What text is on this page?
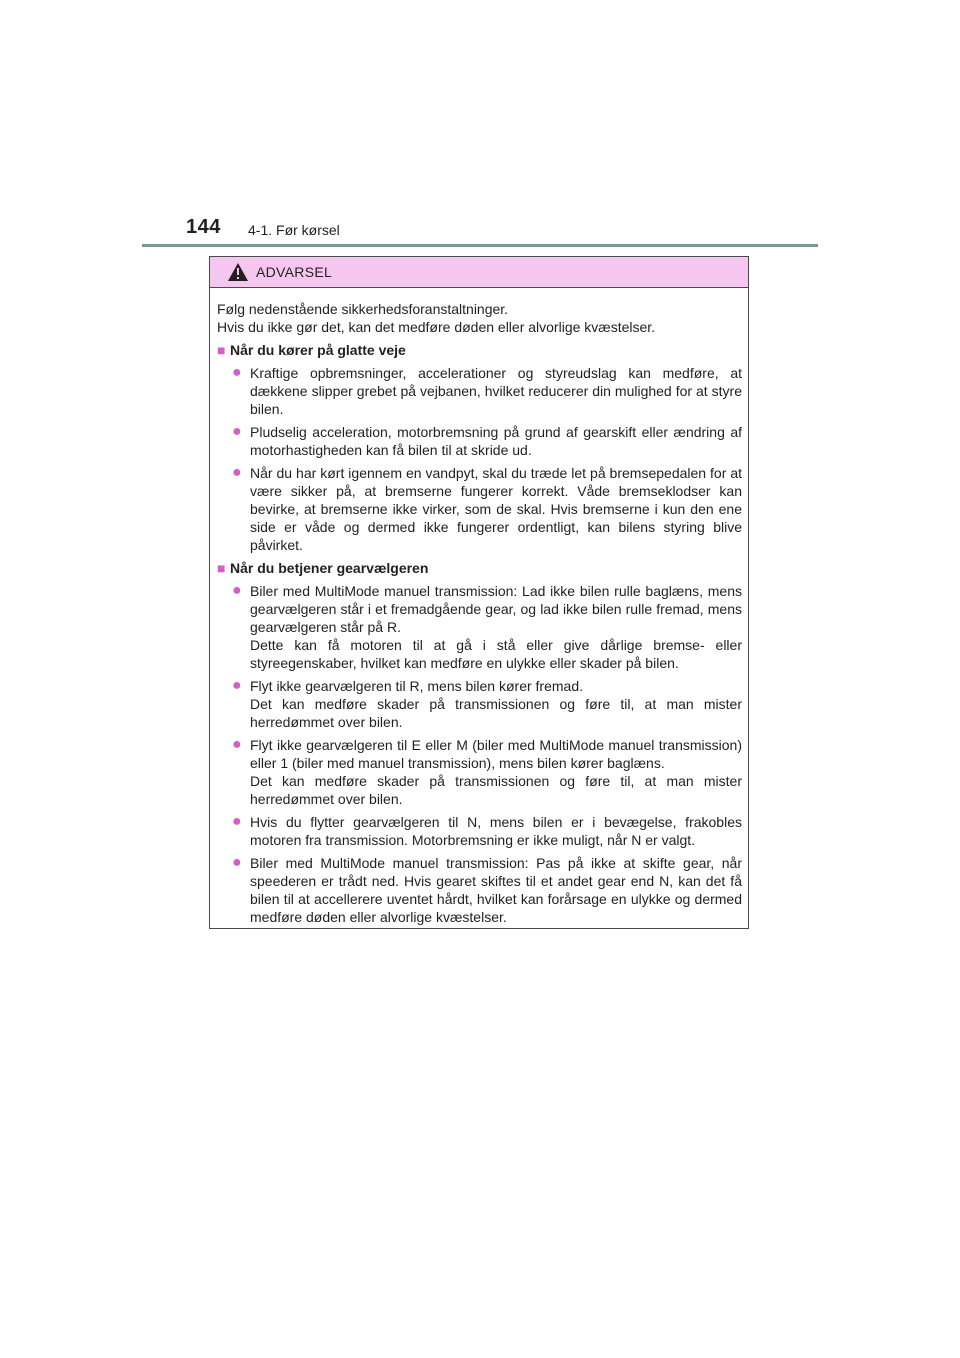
144 4-1. Før kørsel
ADVARSEL

Følg nedenstående sikkerhedsforanstaltninger.

Hvis du ikke gør det, kan det medføre døden eller alvorlige kvæstelser.

■ Når du kører på glatte veje
● Kraftige opbremsninger, accelerationer og styreudslag kan medføre, at dækkene slipper grebet på vejbanen, hvilket reducerer din mulighed for at styre bilen.
● Pludselig acceleration, motorbremsning på grund af gearskift eller ændring af motorhastigheden kan få bilen til at skride ud.
● Når du har kørt igennem en vandpyt, skal du træde let på bremsepedalen for at være sikker på, at bremserne fungerer korrekt. Våde bremseklodser kan bevirke, at bremserne ikke virker, som de skal. Hvis bremserne i kun den ene side er våde og dermed ikke fungerer ordentligt, kan bilens styring blive påvirket.
■ Når du betjener gearvælgeren
● Biler med MultiMode manuel transmission: Lad ikke bilen rulle baglæns, mens gearvælgeren står i et fremadgående gear, og lad ikke bilen rulle fremad, mens gearvælgeren står på R.
Dette kan få motoren til at gå i stå eller give dårlige bremse- eller styreegenskaber, hvilket kan medføre en ulykke eller skader på bilen.
● Flyt ikke gearvælgeren til R, mens bilen kører fremad.
Det kan medføre skader på transmissionen og føre til, at man mister herredømmet over bilen.
● Flyt ikke gearvælgeren til E eller M (biler med MultiMode manuel transmission) eller 1 (biler med manuel transmission), mens bilen kører baglæns.
Det kan medføre skader på transmissionen og føre til, at man mister herredømmet over bilen.
● Hvis du flytter gearvælgeren til N, mens bilen er i bevægelse, frakobles motoren fra transmission. Motorbremsning er ikke muligt, når N er valgt.
● Biler med MultiMode manuel transmission: Pas på ikke at skifte gear, når speederen er trådt ned. Hvis gearet skiftes til et andet gear end N, kan det få bilen til at accellerere uventet hårdt, hvilket kan forårsage en ulykke og dermed medføre døden eller alvorlige kvæstelser.
